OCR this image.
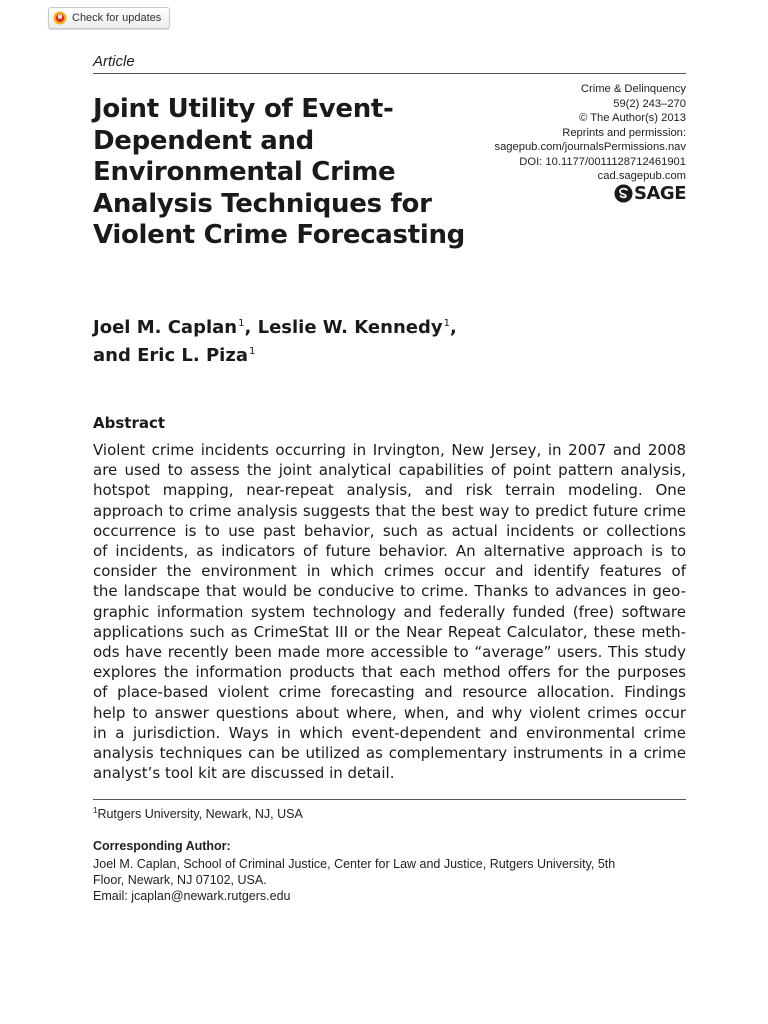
Check for updates
Article
Joint Utility of Event-
Dependent and
Environmental Crime
Analysis Techniques for
Violent Crime Forecasting
Crime & Delinquency
59(2) 243–270
© The Author(s) 2013
Reprints and permission:
sagepub.com/journalsPermissions.nav
DOI: 10.1177/0011128712461901
cad.sagepub.com
SAGE
Joel M. Caplan$^1$, Leslie W. Kennedy$^1$,
and Eric L. Piza$^1$
Abstract
Violent crime incidents occurring in Irvington, New Jersey, in 2007 and 2008
are used to assess the joint analytical capabilities of point pattern analysis,
hotspot mapping, near-repeat analysis, and risk terrain modeling. One
approach to crime analysis suggests that the best way to predict future crime
occurrence is to use past behavior, such as actual incidents or collections
of incidents, as indicators of future behavior. An alternative approach is to
consider the environment in which crimes occur and identify features of
the landscape that would be conducive to crime. Thanks to advances in geo-
graphic information system technology and federally funded (free) software
applications such as CrimeStat III or the Near Repeat Calculator, these meth-
ods have recently been made more accessible to “average” users. This study
explores the information products that each method offers for the purposes
of place-based violent crime forecasting and resource allocation. Findings
help to answer questions about where, when, and why violent crimes occur
in a jurisdiction. Ways in which event-dependent and environmental crime
analysis techniques can be utilized as complementary instruments in a crime
analyst’s tool kit are discussed in detail.
$^1$Rutgers University, Newark, NJ, USA
Corresponding Author:
Joel M. Caplan, School of Criminal Justice, Center for Law and Justice, Rutgers University, 5th
Floor, Newark, NJ 07102, USA.
Email: jcaplan@newark.rutgers.edu
